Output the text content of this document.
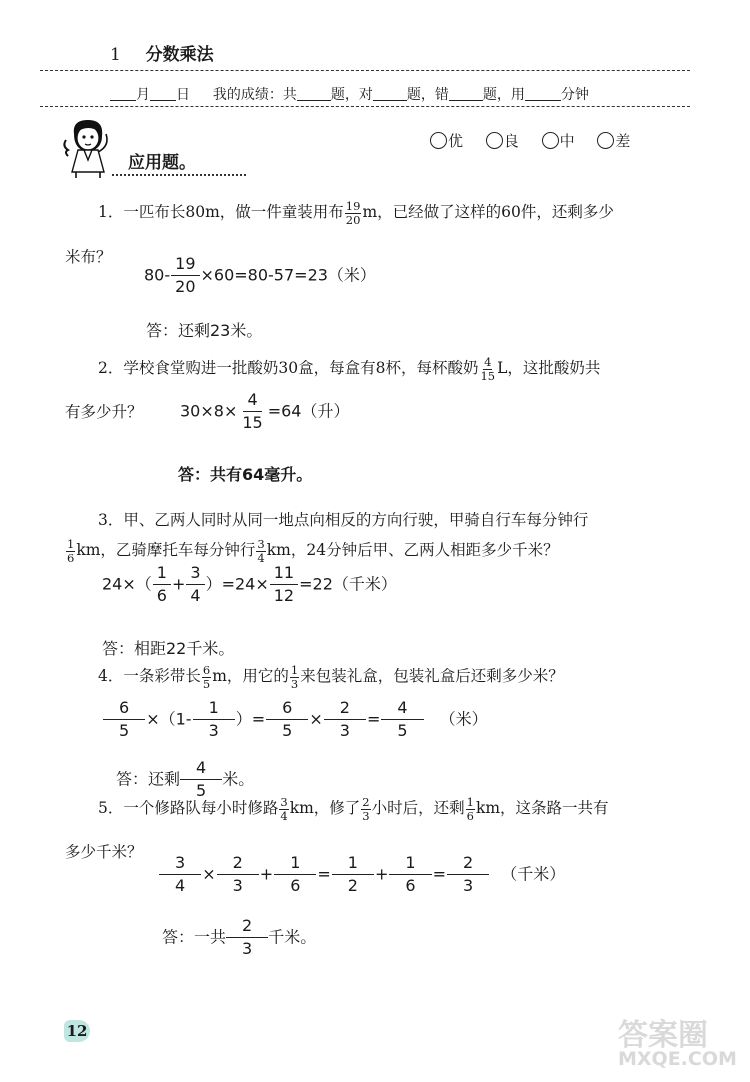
1 分数乘法
月 日 我的成绩：共 题，对 题，错 题，用	分钟
应用题。
优	良	中	差
1．一匹布长80m，做一件童装用布 $\frac{19}{20}$ m，已经做了这样的60件，还剩多少
米布？
$80- \frac{19}{20} \times 60=80-57=23$（米）
答：还剩23米。
2．学校食堂购进一批酸奶30盒，每盒有8杯，每杯酸奶 $\frac{4}{15}$ L，这批酸奶共
有多少升？ $30\times 8\times \frac{4}{15} =64$（升）
答：共有64毫升。
3．甲、乙两人同时从同一地点向相反的方向行驶，甲骑自行车每分钟行
$\frac{1}{6}$ km，乙骑摩托车每分钟行 $\frac{3}{4}$ km，24分钟后甲、乙两人相距多少千米？
$24\times( \frac{1}{6} + \frac{3}{4} )=24\times \frac{11}{12} =22$（千米）
答：相距22千米。
4．一条彩带长 $\frac{6}{5}$ m，用它的 $\frac{1}{3}$ 来包装礼盒，包装礼盒后还剩多少米？
$\frac{6}{5} \times(1- \frac{1}{3}$ ）= $\frac{6}{5} \times \frac{2}{3} = \frac{4}{5}$ （米）
答：还剩 $\frac{4}{5}$ 米。
5．一个修路队每小时修路 $\frac{3}{4}$ km，修了 $\frac{2}{3}$ 小时后，还剩 $\frac{1}{6}$ km，这条路一共有
多少千米？
$\frac{3}{4} \times \frac{2}{3} + \frac{1}{6} = \frac{1}{2} + \frac{1}{6} = \frac{2}{3}$ （千米）
答：一共 $\frac{2}{3}$ 千米。
12	答案圈
MXQE.COM
